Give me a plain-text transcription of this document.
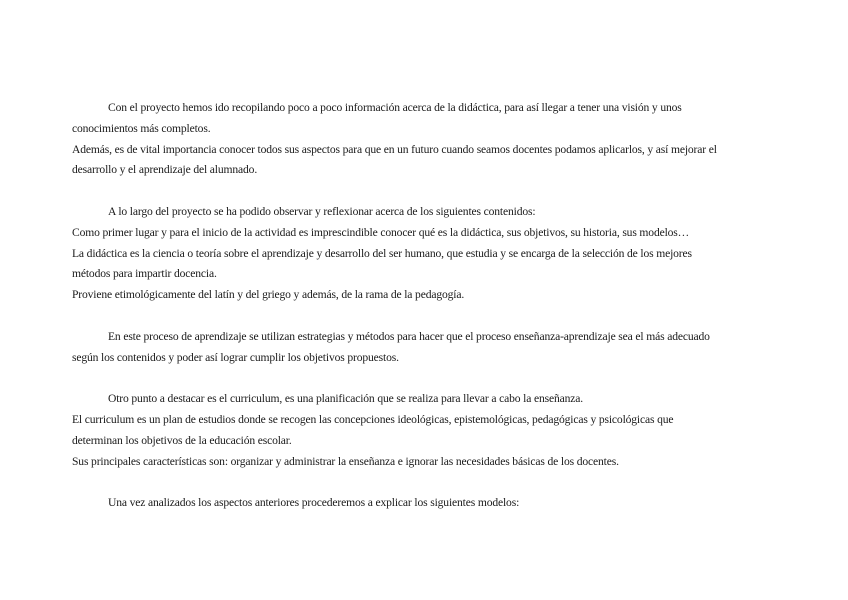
Con el proyecto hemos ido recopilando poco a poco información acerca de la didáctica, para así llegar a tener una visión y unos
conocimientos más completos.
Además, es de vital importancia conocer todos sus aspectos para que en un futuro cuando seamos docentes podamos aplicarlos, y así mejorar el
desarrollo y el aprendizaje del alumnado.
A lo largo del proyecto se ha podido observar y reflexionar acerca de los siguientes contenidos:
Como primer lugar y para el inicio de la actividad es imprescindible conocer qué es la didáctica, sus objetivos, su historia, sus modelos…
La didáctica es la ciencia o teoría sobre el aprendizaje y desarrollo del ser humano, que estudia y se encarga de la selección de los mejores
métodos para impartir docencia.
Proviene etimológicamente del latín y del griego y además, de la rama de la pedagogía.
En este proceso de aprendizaje se utilizan estrategias y métodos para hacer que el proceso enseñanza-aprendizaje sea el más adecuado
según los contenidos y poder así lograr cumplir los objetivos propuestos.
Otro punto a destacar es el curriculum, es una planificación que se realiza para llevar a cabo la enseñanza.
El curriculum es un plan de estudios donde se recogen las concepciones ideológicas, epistemológicas, pedagógicas y psicológicas que
determinan los objetivos de la educación escolar.
Sus principales características son: organizar y administrar la enseñanza e ignorar las necesidades básicas de los docentes.
Una vez analizados los aspectos anteriores procederemos a explicar los siguientes modelos:
